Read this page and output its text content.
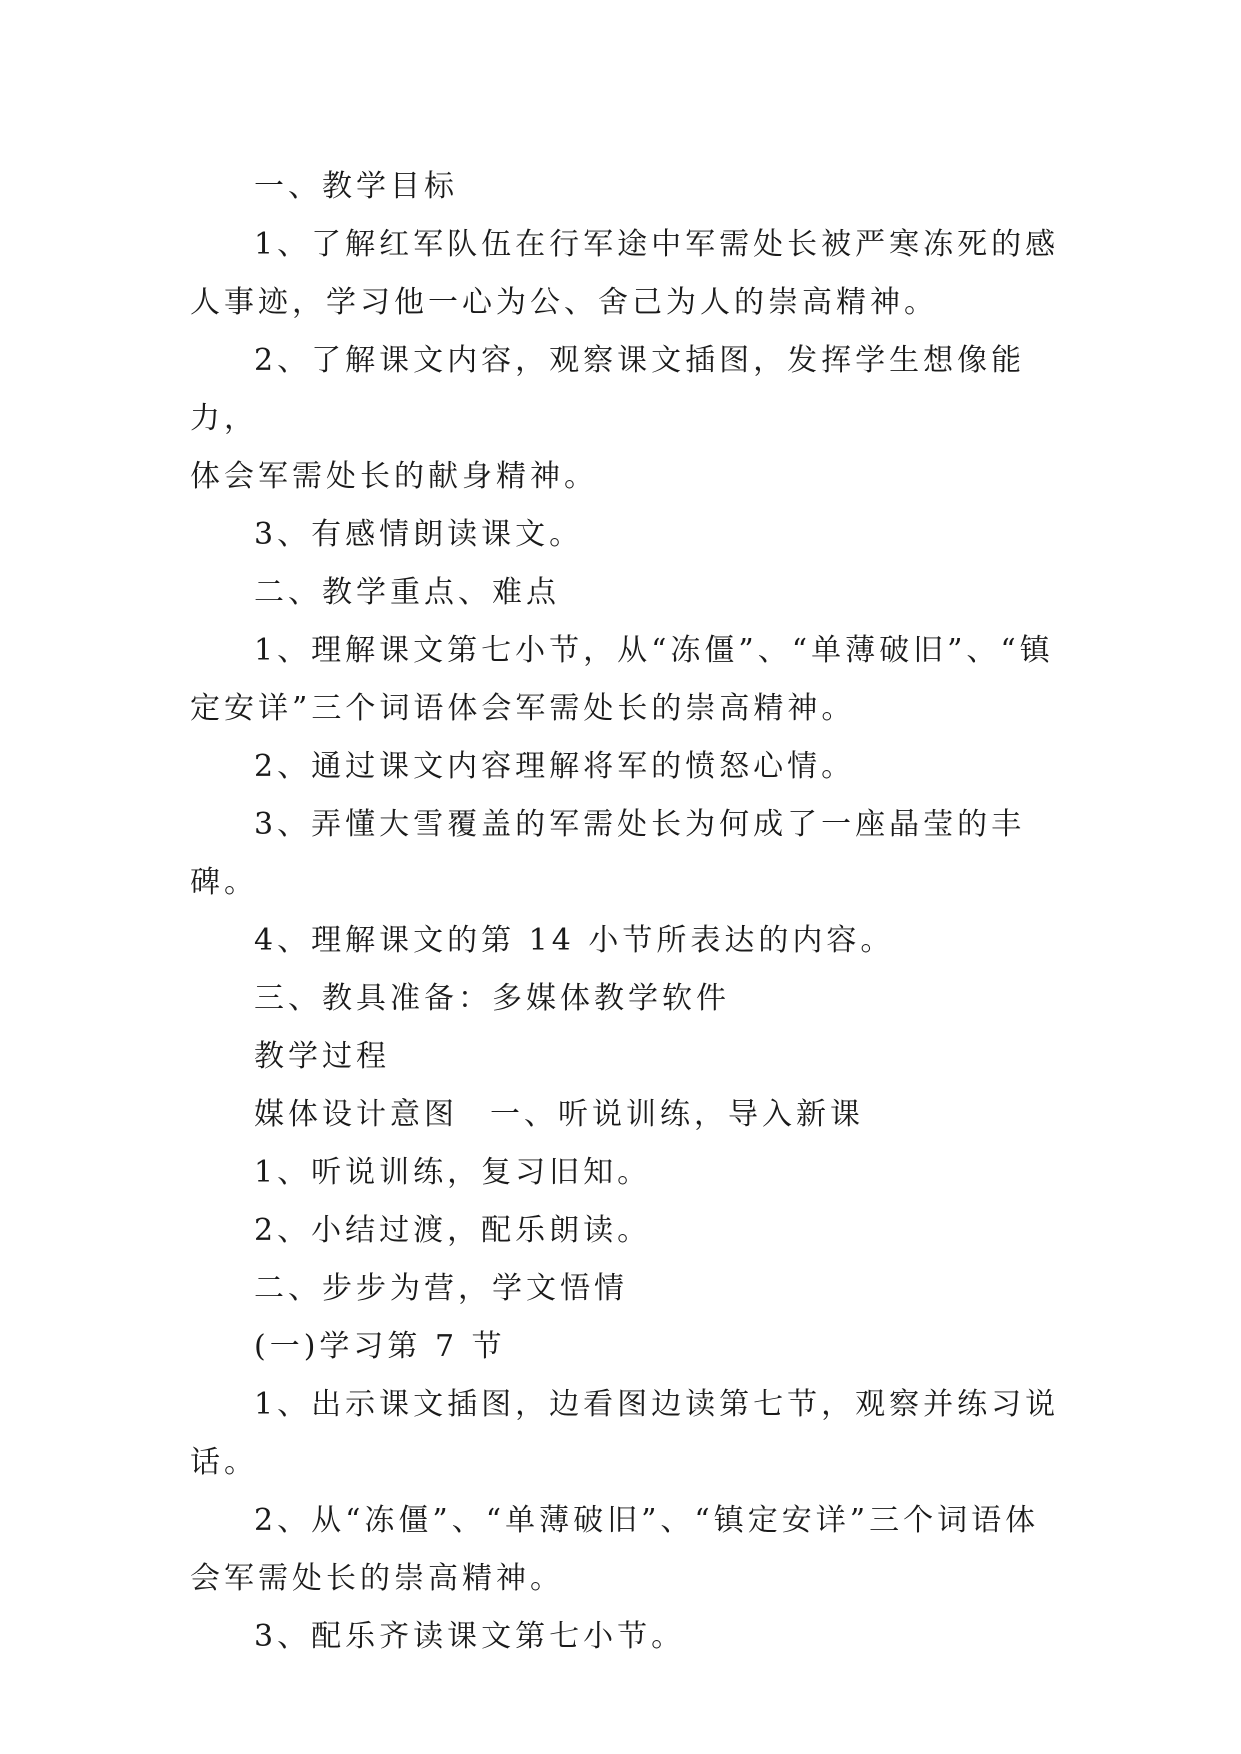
一、教学目标

1、了解红军队伍在行军途中军需处长被严寒冻死的感

人事迹，学习他一心为公、舍己为人的崇高精神。

2、了解课文内容，观察课文插图，发挥学生想像能力，

体会军需处长的献身精神。

3、有感情朗读课文。

二、教学重点、难点

1、理解课文第七小节，从“冻僵”、“单薄破旧”、“镇

定安详”三个词语体会军需处长的崇高精神。

2、通过课文内容理解将军的愤怒心情。

3、弄懂大雪覆盖的军需处长为何成了一座晶莹的丰碑。

4、理解课文的第 14 小节所表达的内容。

三、教具准备：多媒体教学软件

教学过程

媒体设计意图 一、听说训练，导入新课

1、听说训练，复习旧知。

2、小结过渡，配乐朗读。

二、步步为营，学文悟情

(一)学习第 7 节

1、出示课文插图，边看图边读第七节，观察并练习说

话。

2、从“冻僵”、“单薄破旧”、“镇定安详”三个词语体

会军需处长的崇高精神。

3、配乐齐读课文第七小节。
